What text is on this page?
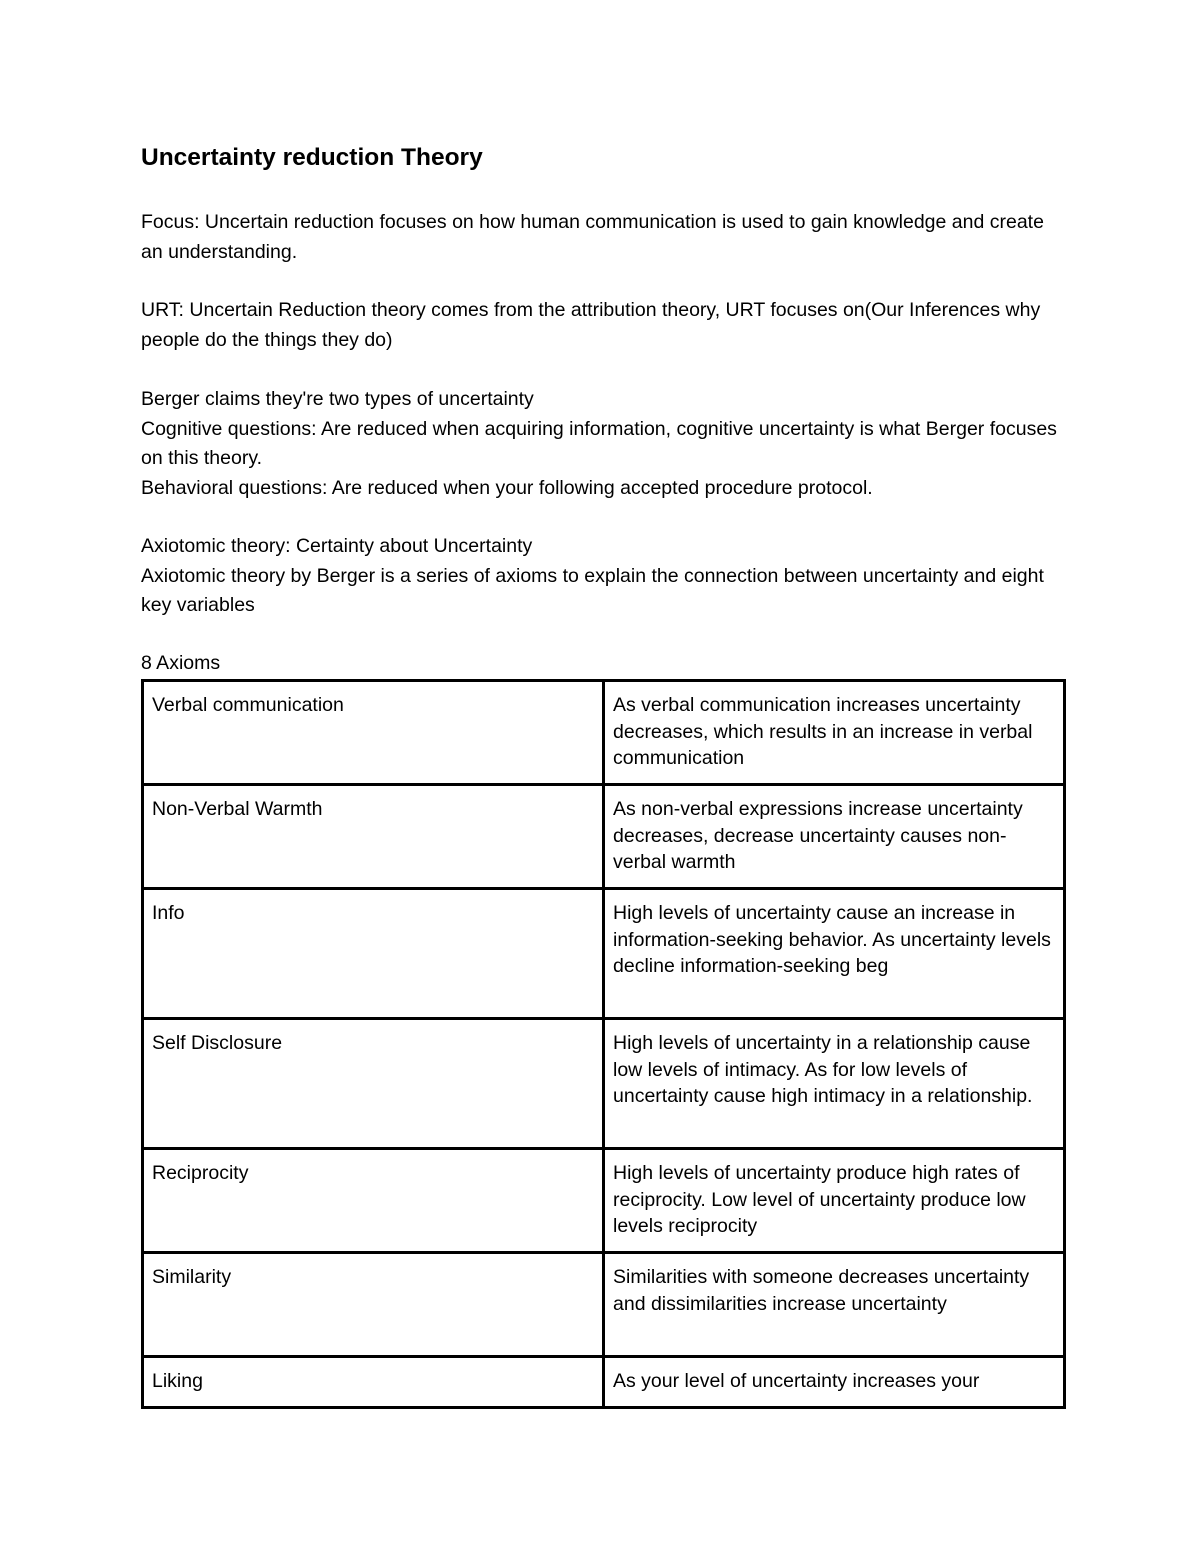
Uncertainty reduction Theory

Focus: Uncertain reduction focuses on how human communication is used to gain knowledge and create an understanding.

URT: Uncertain Reduction theory comes from the attribution theory, URT focuses on(Our Inferences why people do the things they do)

Berger claims they're two types of uncertainty

Cognitive questions: Are reduced when acquiring information, cognitive uncertainty is what Berger focuses on this theory.

Behavioral questions: Are reduced when your following accepted procedure protocol.

Axiotomic theory: Certainty about Uncertainty

Axiotomic theory by Berger is a series of axioms to explain the connection between uncertainty and eight key variables

8 Axioms

Verbal communication	As verbal communication increases uncertainty decreases, which results in an increase in verbal communication
Non-Verbal Warmth	As non-verbal expressions increase uncertainty decreases, decrease uncertainty causes non-verbal warmth
Info	High levels of uncertainty cause an increase in information-seeking behavior. As uncertainty levels decline information-seeking beg
Self Disclosure	High levels of uncertainty in a relationship cause low levels of intimacy. As for low levels of uncertainty cause high intimacy in a relationship.
Reciprocity	High levels of uncertainty produce high rates of reciprocity. Low level of uncertainty produce low levels reciprocity
Similarity	Similarities with someone decreases uncertainty and dissimilarities increase uncertainty
Liking	As your level of uncertainty increases your
